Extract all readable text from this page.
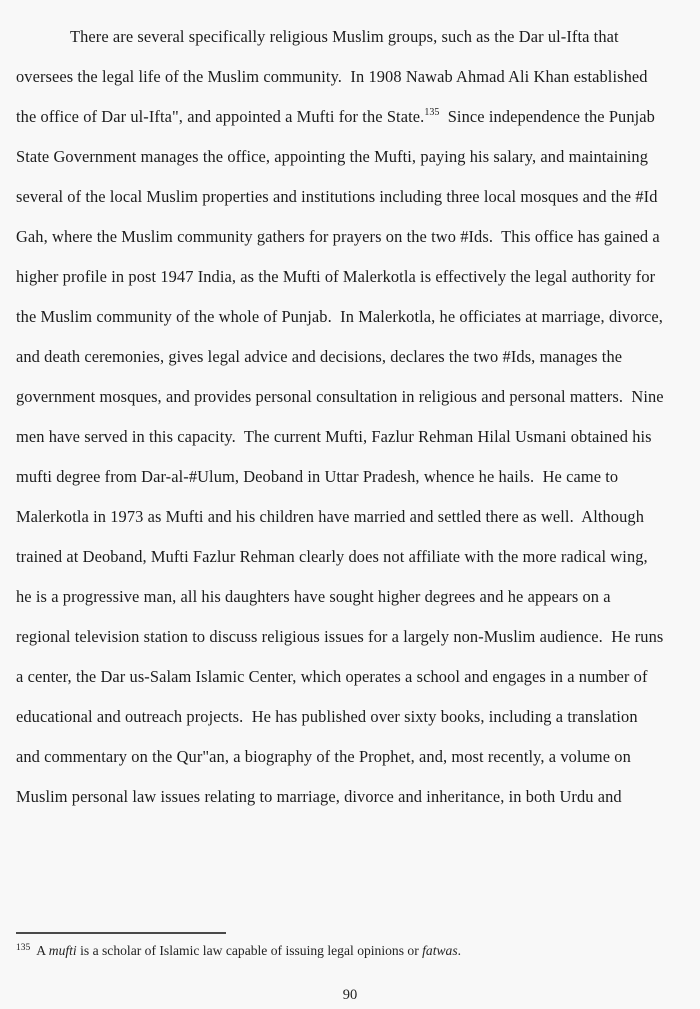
There are several specifically religious Muslim groups, such as the Dar ul-Ifta that
oversees the legal life of the Muslim community.  In 1908 Nawab Ahmad Ali Khan established
the office of Dar ul-Ifta", and appointed a Mufti for the State.$^{135}$  Since independence the Punjab
State Government manages the office, appointing the Mufti, paying his salary, and maintaining
several of the local Muslim properties and institutions including three local mosques and the #Id
Gah, where the Muslim community gathers for prayers on the two #Ids.  This office has gained a
higher profile in post 1947 India, as the Mufti of Malerkotla is effectively the legal authority for
the Muslim community of the whole of Punjab.  In Malerkotla, he officiates at marriage, divorce,
and death ceremonies, gives legal advice and decisions, declares the two #Ids, manages the
government mosques, and provides personal consultation in religious and personal matters.  Nine
men have served in this capacity.  The current Mufti, Fazlur Rehman Hilal Usmani obtained his
mufti degree from Dar-al-#Ulum, Deoband in Uttar Pradesh, whence he hails.  He came to
Malerkotla in 1973 as Mufti and his children have married and settled there as well.  Although
trained at Deoband, Mufti Fazlur Rehman clearly does not affiliate with the more radical wing,
he is a progressive man, all his daughters have sought higher degrees and he appears on a
regional television station to discuss religious issues for a largely non-Muslim audience.  He runs
a center, the Dar us-Salam Islamic Center, which operates a school and engages in a number of
educational and outreach projects.  He has published over sixty books, including a translation
and commentary on the Qur"an, a biography of the Prophet, and, most recently, a volume on
Muslim personal law issues relating to marriage, divorce and inheritance, in both Urdu and
$^{135}$  A mufti is a scholar of Islamic law capable of issuing legal opinions or fatwas.
90
